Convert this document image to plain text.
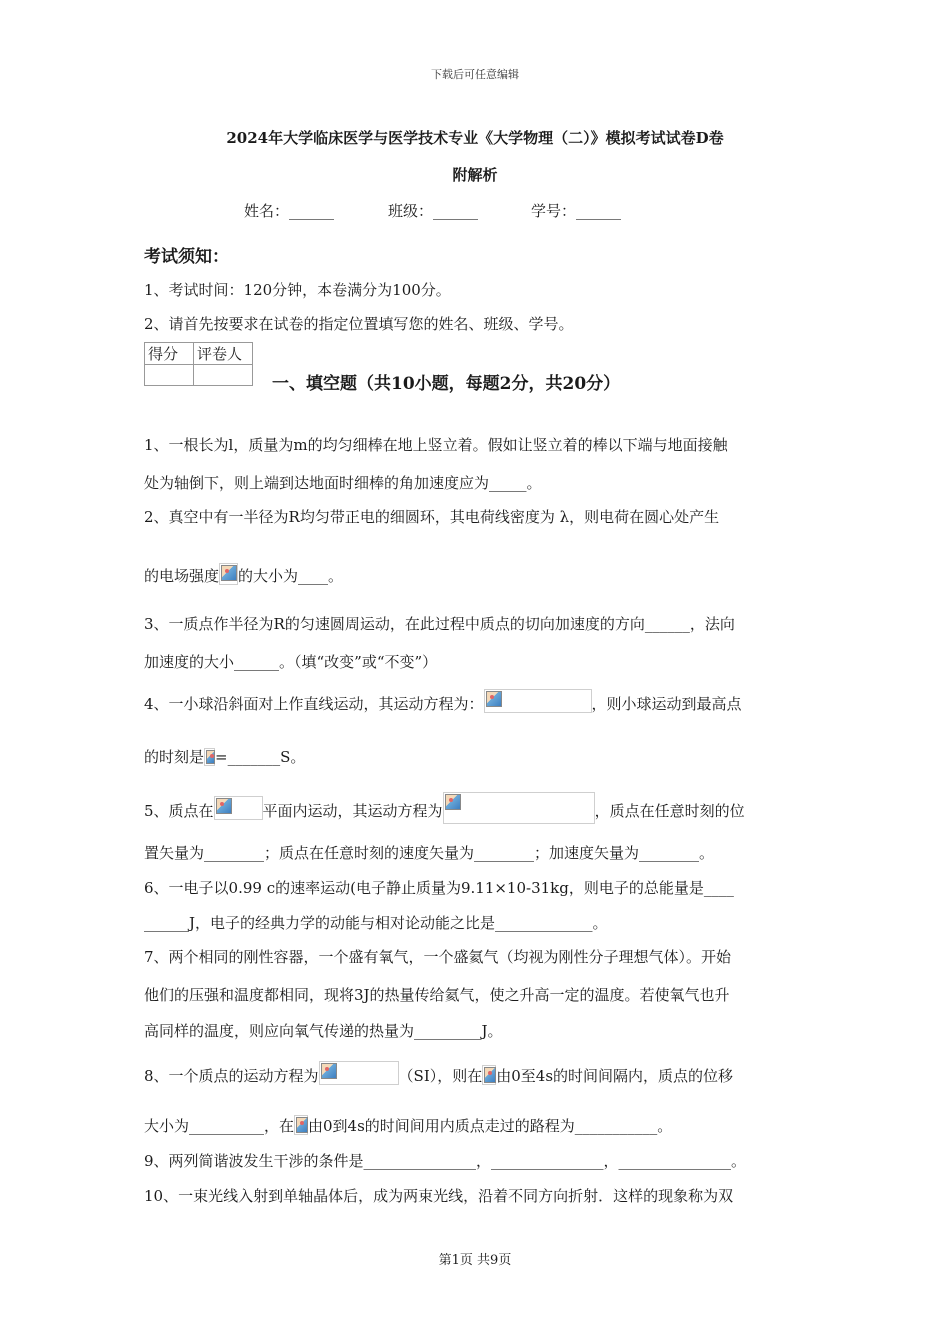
下载后可任意编辑
2024年大学临床医学与医学技术专业《大学物理（二）》模拟考试试卷D卷
附解析
姓名：______	班级：______	学号：______
考试须知：
1、考试时间：120分钟，本卷满分为100分。
2、请首先按要求在试卷的指定位置填写您的姓名、班级、学号。
得分	评卷人

一、填空题（共10小题，每题2分，共20分）
1、一根长为l，质量为m的均匀细棒在地上竖立着。假如让竖立着的棒以下端与地面接触
处为轴倒下，则上端到达地面时细棒的角加速度应为_____。
2、真空中有一半径为R均匀带正电的细圆环，其电荷线密度为 λ，则电荷在圆心处产生
的电场强度 的大小为____。
3、一质点作半径为R的匀速圆周运动，在此过程中质点的切向加速度的方向______，法向
加速度的大小______。（填“改变”或“不变”）
4、一小球沿斜面对上作直线运动，其运动方程为：	，则小球运动到最高点
的时刻是 =_______S。
5、质点在	平面内运动，其运动方程为	，质点在任意时刻的位
置矢量为________；质点在任意时刻的速度矢量为________；加速度矢量为________。
6、一电子以0.99 c的速率运动(电子静止质量为9.11×10-31kg，则电子的总能量是____
______J，电子的经典力学的动能与相对论动能之比是_____________。
7、两个相同的刚性容器，一个盛有氧气，一个盛氦气（均视为刚性分子理想气体）。开始
他们的压强和温度都相同，现将3J的热量传给氦气，使之升高一定的温度。若使氧气也升
高同样的温度，则应向氧气传递的热量为_________J。
8、一个质点的运动方程为	（SI），则在 由0至4s的时间间隔内，质点的位移
大小为__________，在 由0到4s的时间间用内质点走过的路程为___________。
9、两列简谐波发生干涉的条件是_______________，_______________，_______________。
10、一束光线入射到单轴晶体后，成为两束光线，沿着不同方向折射．这样的现象称为双
第1页 共9页
